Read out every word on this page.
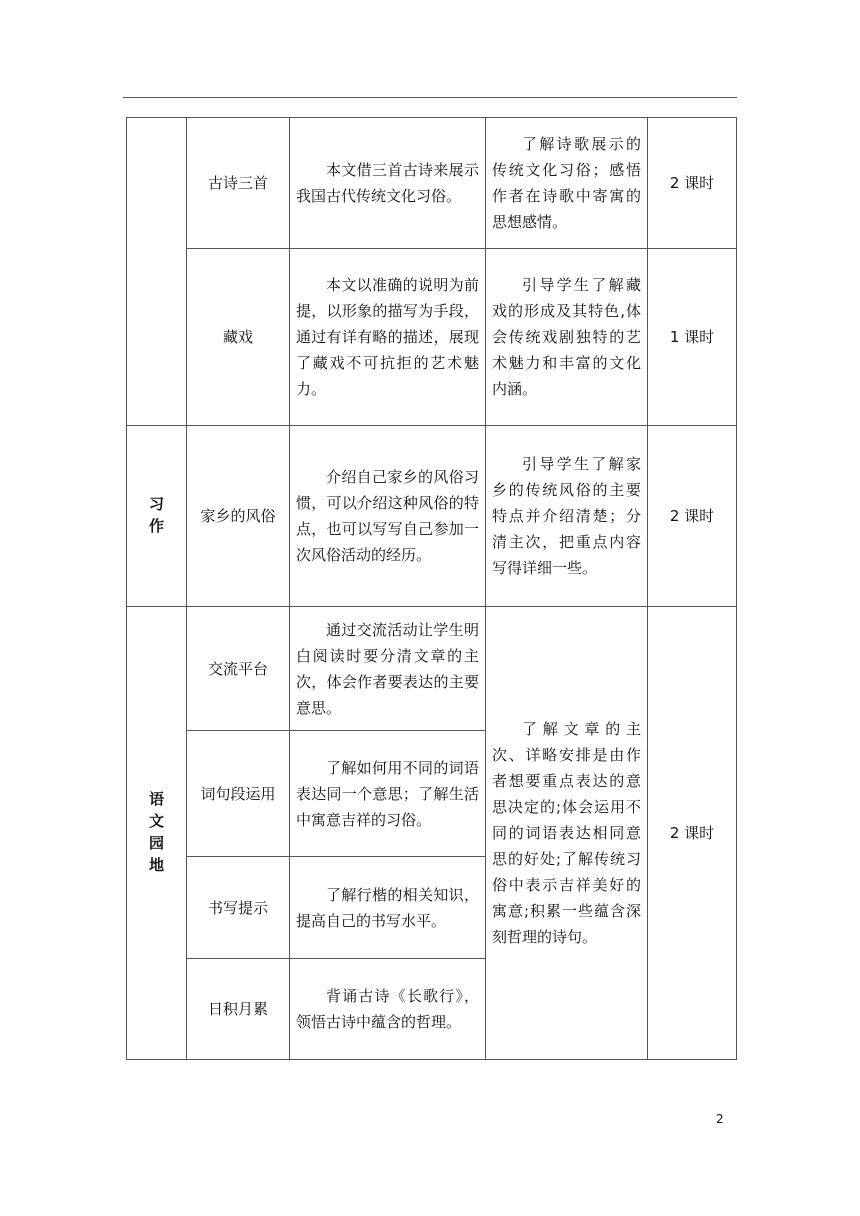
	古诗三首	本文借三首古诗来展示我国古代传统文化习俗。	了解诗歌展示的传统文化习俗；感悟作者在诗歌中寄寓的思想感情。	2 课时
	藏戏	本文以准确的说明为前提，以形象的描写为手段，通过有详有略的描述，展现了藏戏不可抗拒的艺术魅力。	引导学生了解藏戏的形成及其特色,体会传统戏剧独特的艺术魅力和丰富的文化内涵。	1 课时
习作	家乡的风俗	介绍自己家乡的风俗习惯，可以介绍这种风俗的特点，也可以写写自己参加一次风俗活动的经历。	引导学生了解家乡的传统风俗的主要特点并介绍清楚；分清主次，把重点内容写得详细一些。	2 课时
语文园地	交流平台	通过交流活动让学生明白阅读时要分清文章的主次，体会作者要表达的主要意思。	了解文章的主次、详略安排是由作者想要重点表达的意思决定的;体会运用不同的词语表达相同意思的好处;了解传统习俗中表示吉祥美好的寓意;积累一些蕴含深刻哲理的诗句。	2 课时
	词句段运用	了解如何用不同的词语表达同一个意思；了解生活中寓意吉祥的习俗。		

	书写提示	了解行楷的相关知识，提高自己的书写水平。		

	日积月累	背诵古诗《长歌行》，领悟古诗中蕴含的哲理。		
2
